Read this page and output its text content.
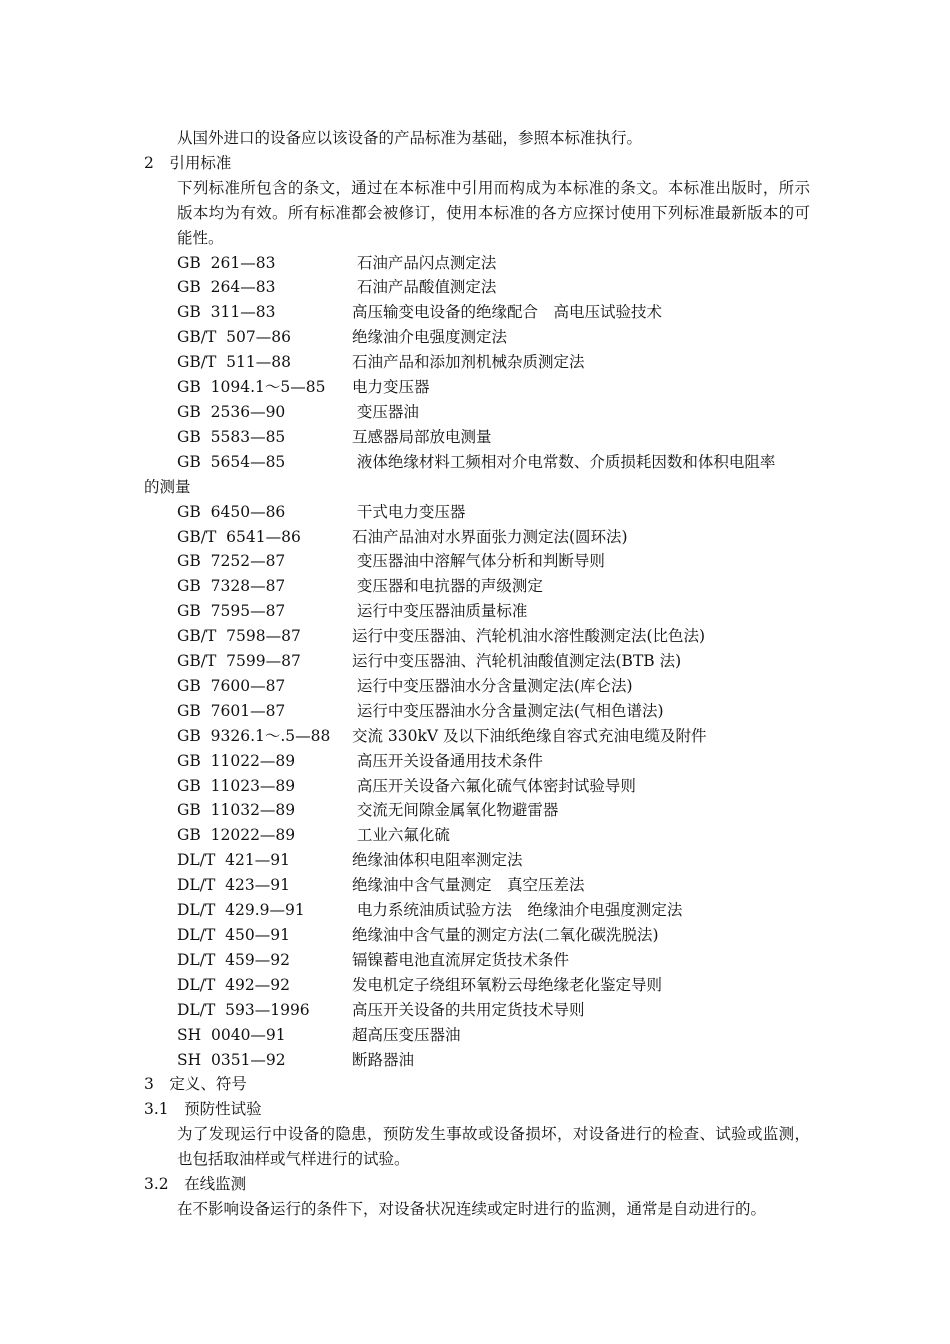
从国外进口的设备应以该设备的产品标准为基础，参照本标准执行。

2　引用标准

下列标准所包含的条文，通过在本标准中引用而构成为本标准的条文。本标准出版时，所示版本均为有效。所有标准都会被修订，使用本标准的各方应探讨使用下列标准最新版本的可能性。

GB  261—83	石油产品闪点测定法
GB  264—83	石油产品酸值测定法
GB  311—83	高压输变电设备的绝缘配合　高电压试验技术
GB/T  507—86	绝缘油介电强度测定法
GB/T  511—88	石油产品和添加剂机械杂质测定法
GB  1094.1～5—85	电力变压器
GB  2536—90	变压器油
GB  5583—85	互感器局部放电测量
GB  5654—85	液体绝缘材料工频相对介电常数、介质损耗因数和体积电阻率

的测量

GB  6450—86	干式电力变压器
GB/T  6541—86	石油产品油对水界面张力测定法(圆环法)
GB  7252—87	变压器油中溶解气体分析和判断导则
GB  7328—87	变压器和电抗器的声级测定
GB  7595—87	运行中变压器油质量标准
GB/T  7598—87	运行中变压器油、汽轮机油水溶性酸测定法(比色法)
GB/T  7599—87	运行中变压器油、汽轮机油酸值测定法(BTB 法)
GB  7600—87	运行中变压器油水分含量测定法(库仑法)
GB  7601—87	运行中变压器油水分含量测定法(气相色谱法)
GB  9326.1～.5—88	交流 330kV 及以下油纸绝缘自容式充油电缆及附件
GB  11022—89	高压开关设备通用技术条件
GB  11023—89	高压开关设备六氟化硫气体密封试验导则
GB  11032—89	交流无间隙金属氧化物避雷器
GB  12022—89	工业六氟化硫
DL/T  421—91	绝缘油体积电阻率测定法
DL/T  423—91	绝缘油中含气量测定　真空压差法
DL/T  429.9—91	电力系统油质试验方法　绝缘油介电强度测定法
DL/T  450—91	绝缘油中含气量的测定方法(二氧化碳洗脱法)
DL/T  459—92	镉镍蓄电池直流屏定货技术条件
DL/T  492—92	发电机定子绕组环氧粉云母绝缘老化鉴定导则
DL/T  593—1996	高压开关设备的共用定货技术导则
SH  0040—91	超高压变压器油
SH  0351—92	断路器油

3　定义、符号

3.1　预防性试验

为了发现运行中设备的隐患，预防发生事故或设备损坏，对设备进行的检查、试验或监测，也包括取油样或气样进行的试验。

3.2　在线监测

在不影响设备运行的条件下，对设备状况连续或定时进行的监测，通常是自动进行的。
